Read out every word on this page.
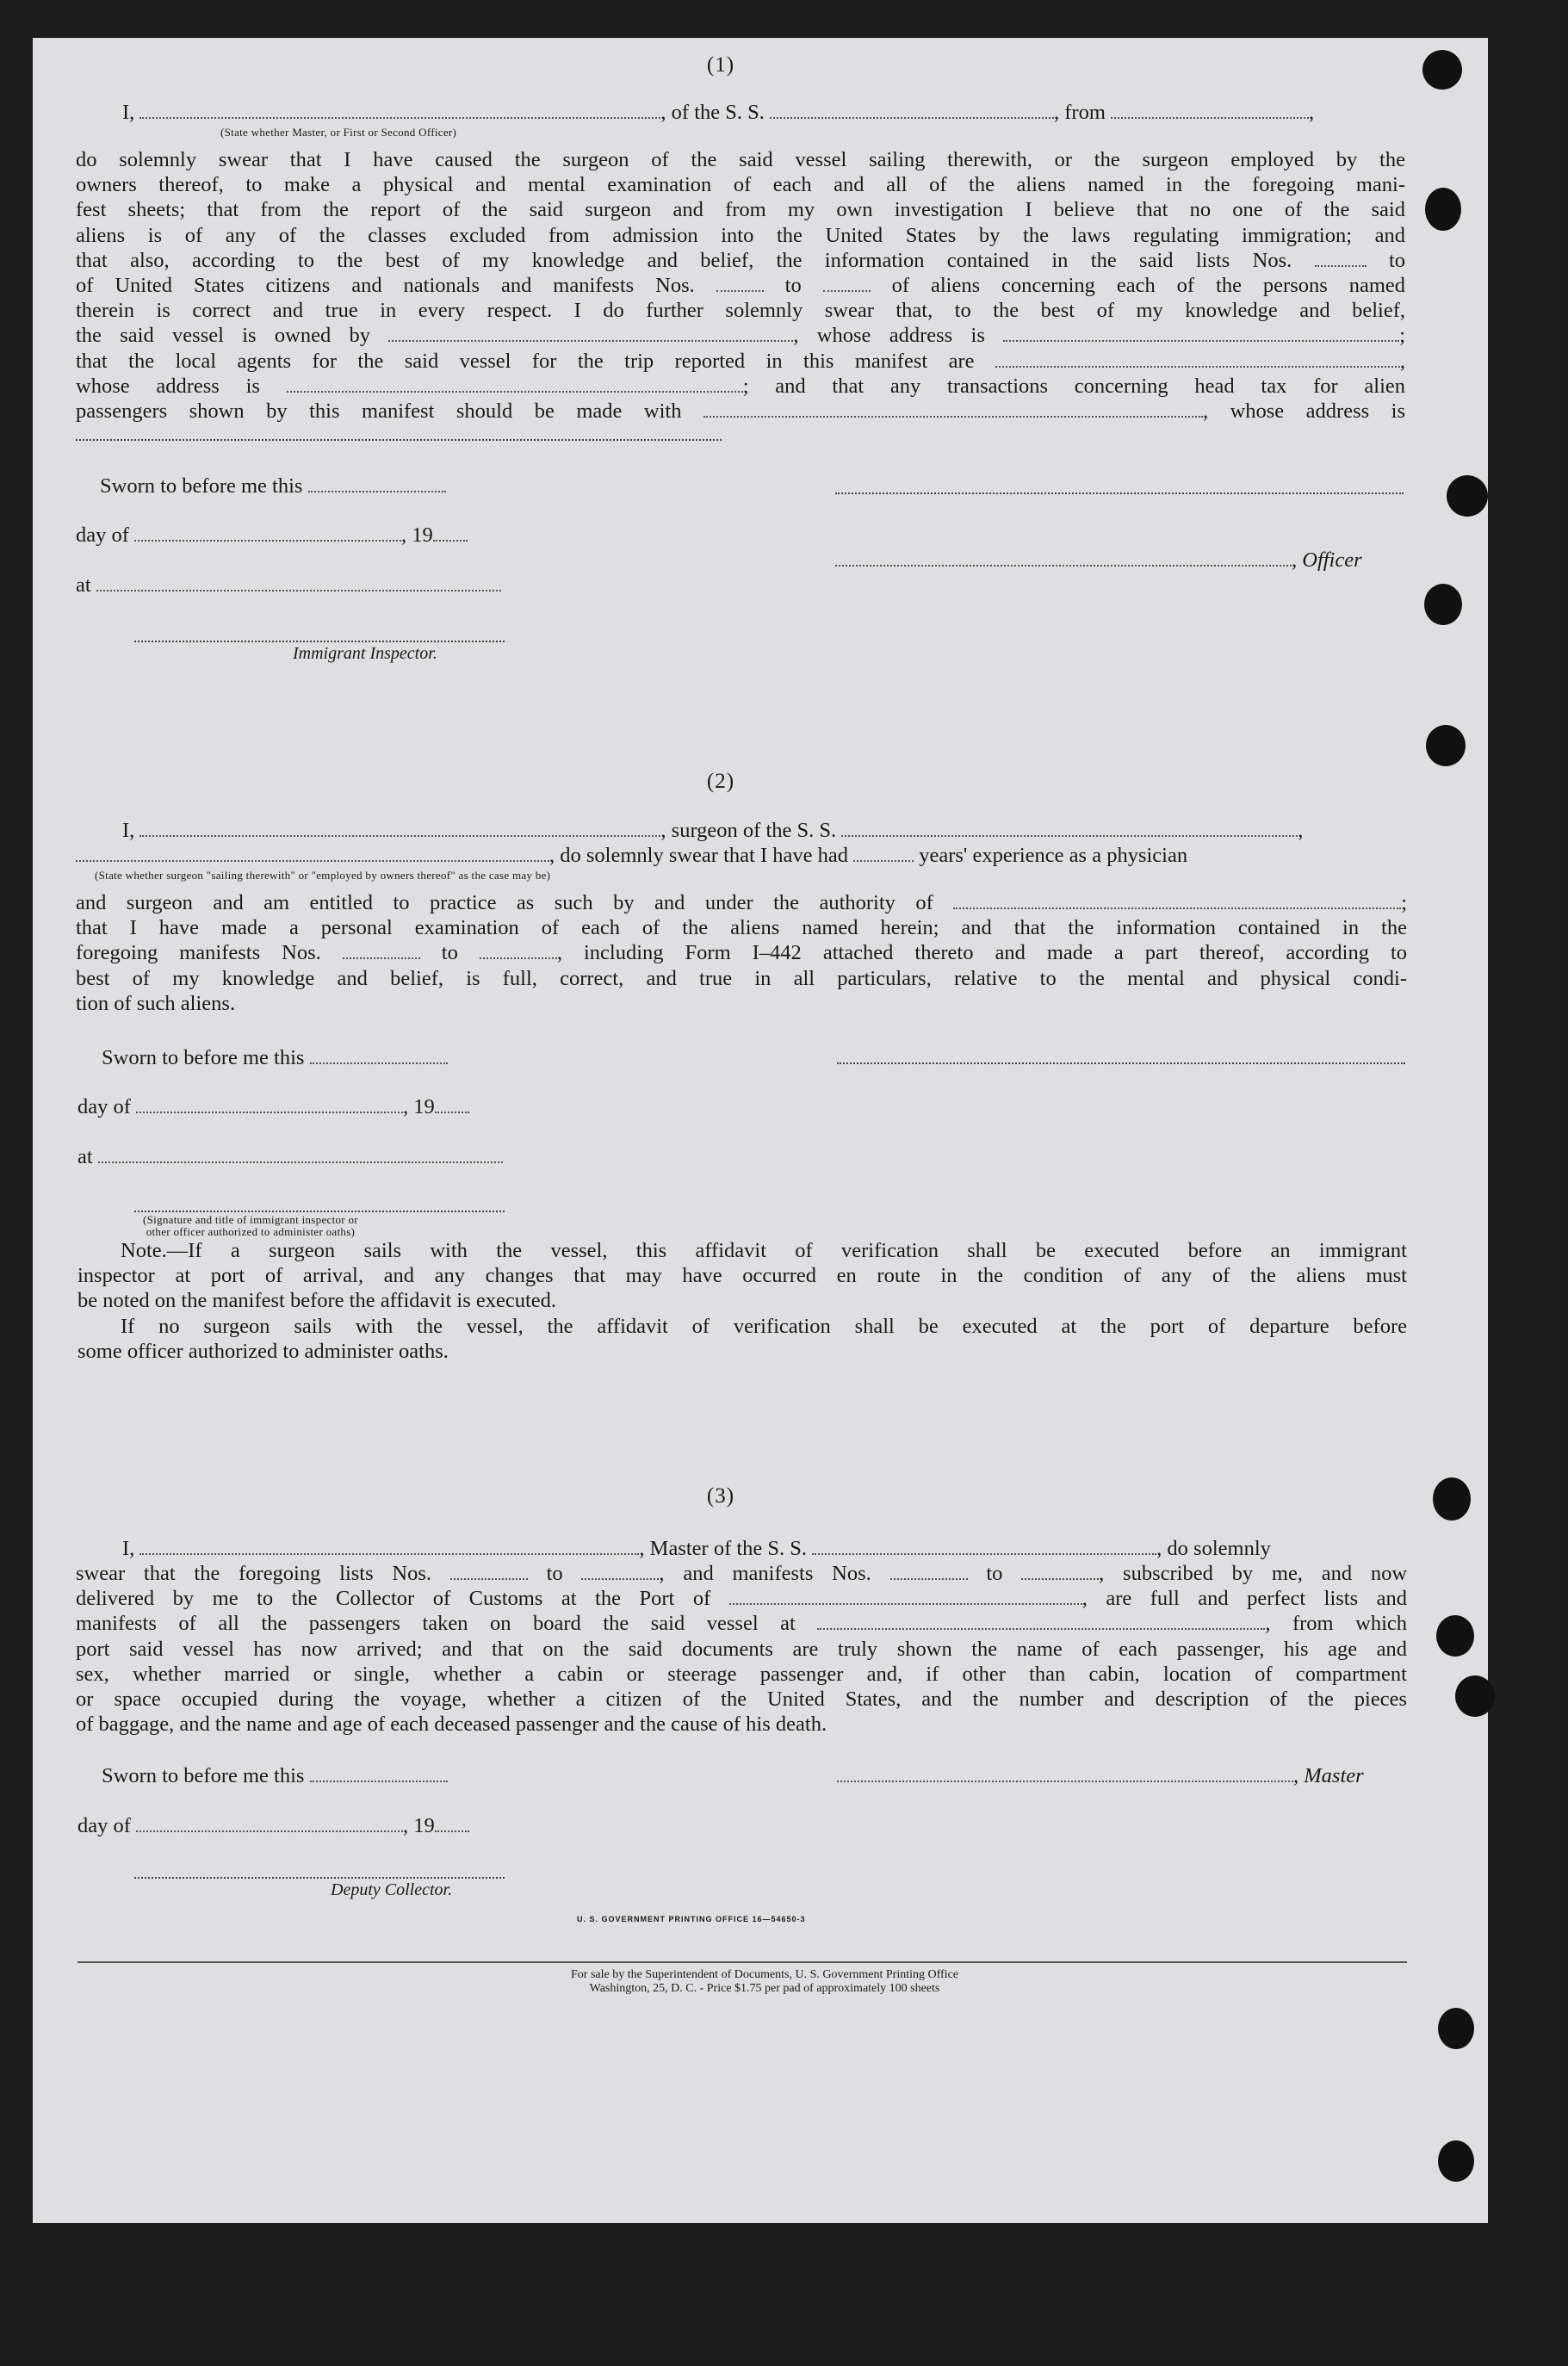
(1)
I,	, of the S. S.	, from	,
(State whether Master, or First or Second Officer)
do solemnly swear that I have caused the surgeon of the said vessel sailing therewith, or the surgeon employed by the
owners thereof, to make a physical and mental examination of each and all of the aliens named in the foregoing mani-
fest sheets; that from the report of the said surgeon and from my own investigation I believe that no one of the said
aliens is of any of the classes excluded from admission into the United States by the laws regulating immigration; and
that also, according to the best of my knowledge and belief, the information contained in the said lists Nos.	to
of United States citizens and nationals and manifests Nos.	to	of aliens concerning each of the persons named
therein is correct and true in every respect. I do further solemnly swear that, to the best of my knowledge and belief,
the said vessel is owned by	, whose address is	;
that the local agents for the said vessel for the trip reported in this manifest are	,
whose address is	; and that any transactions concerning head tax for alien
passengers shown by this manifest should be made with	, whose address is
Sworn to before me this
day of	, 19
, Officer
at
Immigrant Inspector.
(2)
I,	, surgeon of the S. S.	,
, do solemnly swear that I have had	years' experience as a physician
(State whether surgeon "sailing therewith" or "employed by owners thereof" as the case may be)
and surgeon and am entitled to practice as such by and under the authority of	;
that I have made a personal examination of each of the aliens named herein; and that the information contained in the
foregoing manifests Nos.	to	, including Form I–442 attached thereto and made a part thereof, according to
best of my knowledge and belief, is full, correct, and true in all particulars, relative to the mental and physical condi-
tion of such aliens.
Sworn to before me this
day of	, 19
at
(Signature and title of immigrant inspector or
other officer authorized to administer oaths)
Note.—If a surgeon sails with the vessel, this affidavit of verification shall be executed before an immigrant
inspector at port of arrival, and any changes that may have occurred en route in the condition of any of the aliens must
be noted on the manifest before the affidavit is executed.
If no surgeon sails with the vessel, the affidavit of verification shall be executed at the port of departure before
some officer authorized to administer oaths.
(3)
I,	, Master of the S. S.	, do solemnly
swear that the foregoing lists Nos.	to	, and manifests Nos.	to	, subscribed by me, and now
delivered by me to the Collector of Customs at the Port of	, are full and perfect lists and
manifests of all the passengers taken on board the said vessel at	, from which
port said vessel has now arrived; and that on the said documents are truly shown the name of each passenger, his age and
sex, whether married or single, whether a cabin or steerage passenger and, if other than cabin, location of compartment
or space occupied during the voyage, whether a citizen of the United States, and the number and description of the pieces
of baggage, and the name and age of each deceased passenger and the cause of his death.
Sworn to before me this	, Master
day of	, 19
Deputy Collector.
U. S. GOVERNMENT PRINTING OFFICE 16—54650-3
For sale by the Superintendent of Documents, U. S. Government Printing Office
Washington, 25, D. C. - Price $1.75 per pad of approximately 100 sheets
